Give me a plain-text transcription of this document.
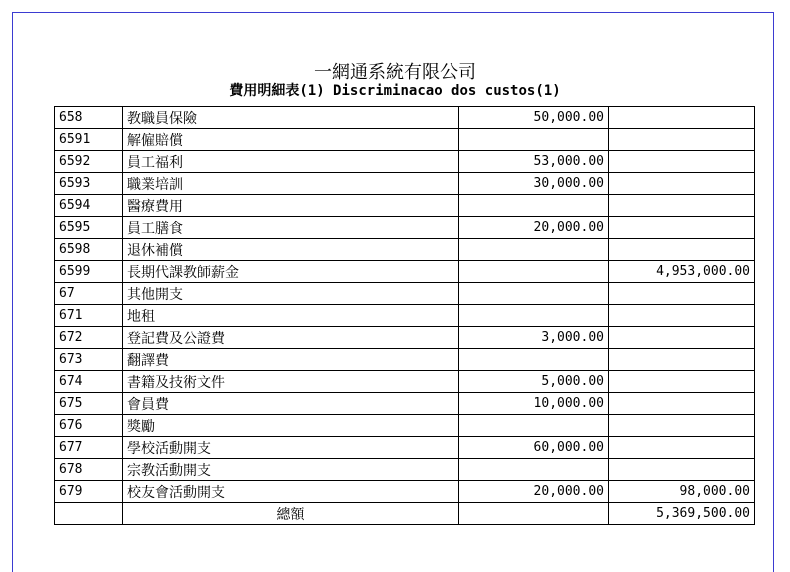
一網通系統有限公司
費用明細表(1) Discriminacao dos custos(1)
658	教職員保險	50,000.00	
6591	解僱賠償		
6592	員工福利	53,000.00	
6593	職業培訓	30,000.00	
6594	醫療費用		
6595	員工膳食	20,000.00	
6598	退休補償		
6599	長期代課教師薪金		4,953,000.00
67	其他開支		
671	地租		
672	登記費及公證費	3,000.00	
673	翻譯費		
674	書籍及技術文件	5,000.00	
675	會員費	10,000.00	
676	獎勵		
677	學校活動開支	60,000.00	
678	宗教活動開支		
679	校友會活動開支	20,000.00	98,000.00
	總額		5,369,500.00
